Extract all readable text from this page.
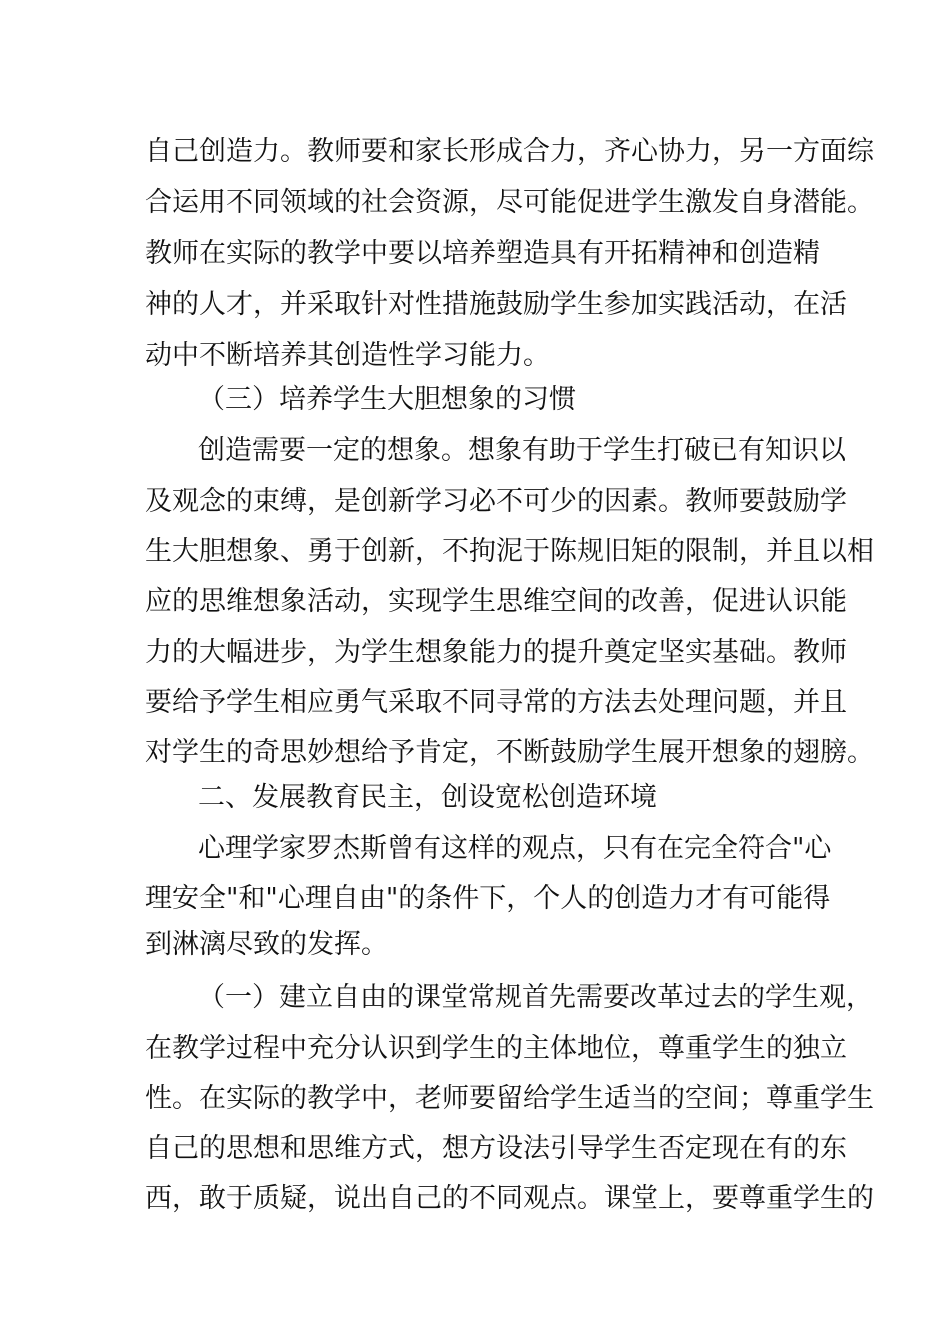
自己创造力。教师要和家长形成合力，齐心协力，另一方面综
合运用不同领域的社会资源，尽可能促进学生激发自身潜能。
教师在实际的教学中要以培养塑造具有开拓精神和创造精
神的人才，并采取针对性措施鼓励学生参加实践活动，在活
动中不断培养其创造性学习能力。
（三）培养学生大胆想象的习惯
创造需要一定的想象。想象有助于学生打破已有知识以
及观念的束缚，是创新学习必不可少的因素。教师要鼓励学
生大胆想象、勇于创新，不拘泥于陈规旧矩的限制，并且以相
应的思维想象活动，实现学生思维空间的改善，促进认识能
力的大幅进步，为学生想象能力的提升奠定坚实基础。教师
要给予学生相应勇气采取不同寻常的方法去处理问题，并且
对学生的奇思妙想给予肯定，不断鼓励学生展开想象的翅膀。
二、发展教育民主，创设宽松创造环境
心理学家罗杰斯曾有这样的观点，只有在完全符合"心
理安全"和"心理自由"的条件下，个人的创造力才有可能得
到淋漓尽致的发挥。
（一）建立自由的课堂常规首先需要改革过去的学生观，
在教学过程中充分认识到学生的主体地位，尊重学生的独立
性。在实际的教学中，老师要留给学生适当的空间；尊重学生
自己的思想和思维方式，想方设法引导学生否定现在有的东
西，敢于质疑，说出自己的不同观点。课堂上，要尊重学生的
